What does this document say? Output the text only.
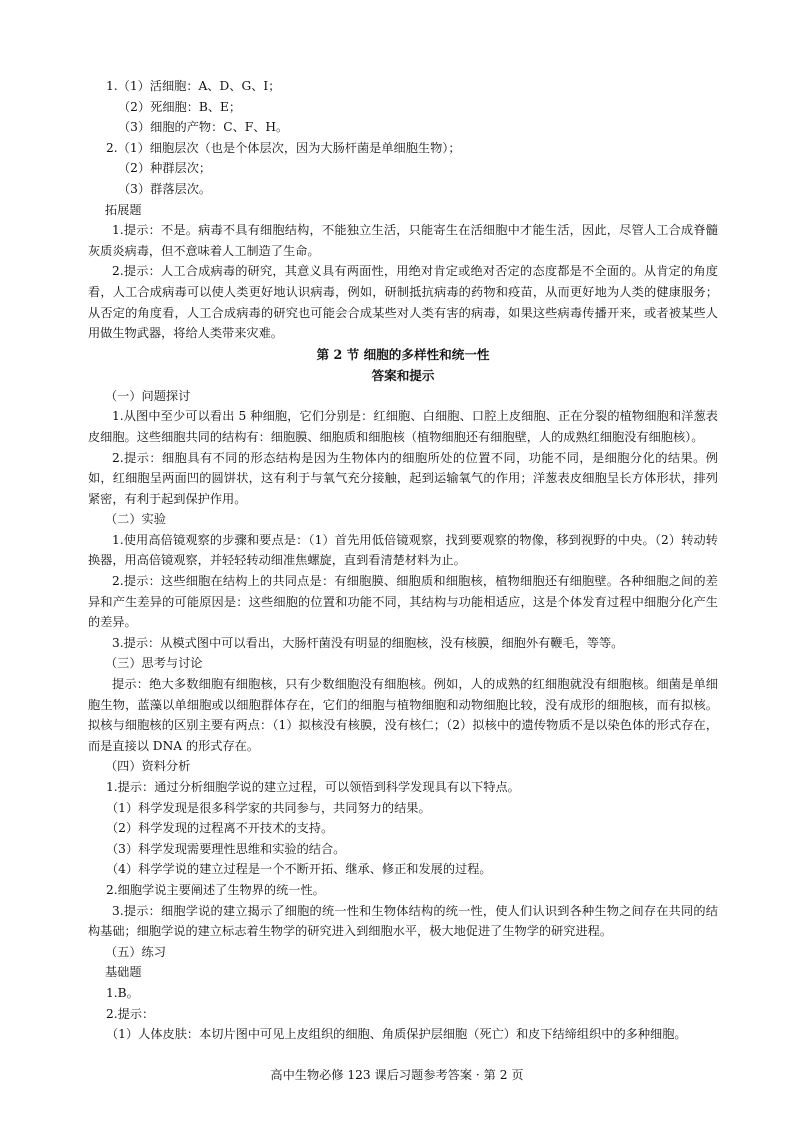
1.（1）活细胞：A、D、G、I；
（2）死细胞：B、E；
（3）细胞的产物：C、F、H。
2.（1）细胞层次（也是个体层次，因为大肠杆菌是单细胞生物）；
（2）种群层次；
（3）群落层次。
拓展题
1.提示：不是。病毒不具有细胞结构，不能独立生活，只能寄生在活细胞中才能生活，因此，尽管人工合成脊髓灰质炎病毒，但不意味着人工制造了生命。
2.提示：人工合成病毒的研究，其意义具有两面性，用绝对肯定或绝对否定的态度都是不全面的。从肯定的角度看，人工合成病毒可以使人类更好地认识病毒，例如，研制抵抗病毒的药物和疫苗，从而更好地为人类的健康服务；从否定的角度看，人工合成病毒的研究也可能会合成某些对人类有害的病毒，如果这些病毒传播开来，或者被某些人用做生物武器，将给人类带来灾难。
第 2 节 细胞的多样性和统一性
答案和提示
（一）问题探讨
1.从图中至少可以看出 5 种细胞，它们分别是：红细胞、白细胞、口腔上皮细胞、正在分裂的植物细胞和洋葱表皮细胞。这些细胞共同的结构有：细胞膜、细胞质和细胞核（植物细胞还有细胞壁，人的成熟红细胞没有细胞核）。
2.提示：细胞具有不同的形态结构是因为生物体内的细胞所处的位置不同，功能不同，是细胞分化的结果。例如，红细胞呈两面凹的圆饼状，这有利于与氧气充分接触，起到运输氧气的作用；洋葱表皮细胞呈长方体形状，排列紧密，有利于起到保护作用。
（二）实验
1.使用高倍镜观察的步骤和要点是：（1）首先用低倍镜观察，找到要观察的物像，移到视野的中央。（2）转动转换器，用高倍镜观察，并轻轻转动细准焦螺旋，直到看清楚材料为止。
2.提示：这些细胞在结构上的共同点是：有细胞膜、细胞质和细胞核，植物细胞还有细胞壁。各种细胞之间的差异和产生差异的可能原因是：这些细胞的位置和功能不同，其结构与功能相适应，这是个体发育过程中细胞分化产生的差异。
3.提示：从模式图中可以看出，大肠杆菌没有明显的细胞核，没有核膜，细胞外有鞭毛，等等。
（三）思考与讨论
提示：绝大多数细胞有细胞核，只有少数细胞没有细胞核。例如，人的成熟的红细胞就没有细胞核。细菌是单细胞生物，蓝藻以单细胞或以细胞群体存在，它们的细胞与植物细胞和动物细胞比较，没有成形的细胞核，而有拟核。拟核与细胞核的区别主要有两点：（1）拟核没有核膜，没有核仁；（2）拟核中的遗传物质不是以染色体的形式存在，而是直接以 DNA 的形式存在。
（四）资料分析
1.提示：通过分析细胞学说的建立过程，可以领悟到科学发现具有以下特点。
（1）科学发现是很多科学家的共同参与，共同努力的结果。
（2）科学发现的过程离不开技术的支持。
（3）科学发现需要理性思维和实验的结合。
（4）科学学说的建立过程是一个不断开拓、继承、修正和发展的过程。
2.细胞学说主要阐述了生物界的统一性。
3.提示：细胞学说的建立揭示了细胞的统一性和生物体结构的统一性，使人们认识到各种生物之间存在共同的结构基础；细胞学说的建立标志着生物学的研究进入到细胞水平，极大地促进了生物学的研究进程。
（五）练习
基础题
1.B。
2.提示：
（1）人体皮肤：本切片图中可见上皮组织的细胞、角质保护层细胞（死亡）和皮下结缔组织中的多种细胞。
高中生物必修 123 课后习题参考答案 · 第 2 页
